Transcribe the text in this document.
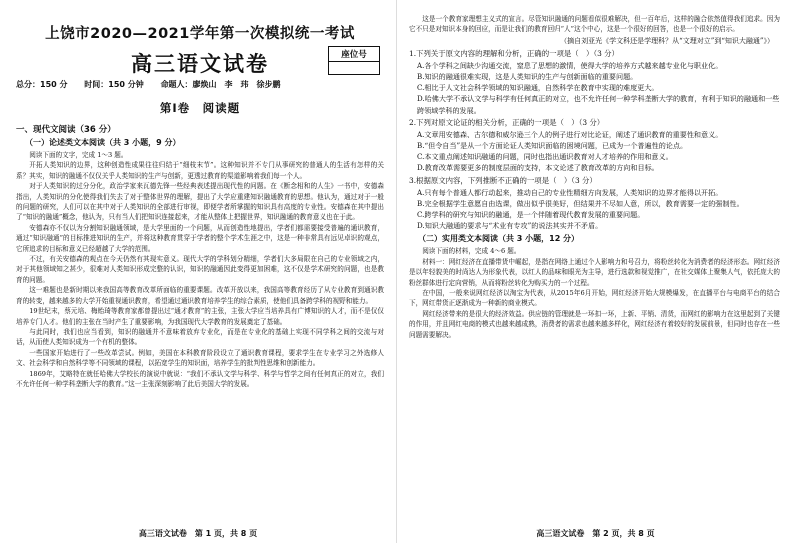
上饶市2020—2021学年第一次模拟统一考试
高三语文试卷	座位号
总分：150 分 时间：150 分钟 命题人：廖焕山　李　玮　徐步鹏
第Ⅰ卷　阅读题
一、现代文阅读（36 分）
（一）论述类文本阅读（共 3 小题，9 分）

阅读下面的文字，完成 1～3 题。

开拓人类知识的边界，这种创造性成果往往归结于“细枝末节”。这种知识并不专门从事研究的普通人的生活有怎样的关系？其实，知识的融通不仅仅关乎人类知识的生产与创新，更透过教育的渠道影响着我们每一个人。

对于人类知识的过分分化，政治学家来瓦德先锋一些经典表述提出现代性的问题。在《断念相和的人生》一书中，安德森指出，人类知识的分化使得我们失去了对于整体世界的理解，提出了大学应重建知识融通教育的思想。他认为，通过对于一般的问题的研究，人们可以在其中对于人类知识的全部进行审视，即便学者所掌握的知识具有高度的专业性。安德森在其中提出了“知识的融通”概念，他认为，只有当人们把知识连接起来，才能从整体上把握世界，知识融通的教育意义也在于此。

安德森亦不仅以为分割知识融通领域，是大学里面的一个问题，从而创造性地提出，学者们都需要接受普遍的通识教育，通过“知识融通”的目标推进知识的生产，并将这种教育贯穿于学者的整个学术生涯之中，这是一种非常具有远见卓识的观点，它所追求的目标和意义已经超越了大学的范围。

不过，有关安德森的观点在今天仍然有其现实意义。现代大学的学科划分精细，学者们大多局限在自己的专业领域之内，对于其他领域知之甚少，很难对人类知识形成完整的认识，知识的融通因此变得更加困难，这不仅是学术研究的问题，也是教育的问题。

这一难题也是新时期以来我国高等教育改革所面临的重要课题。改革开放以来，我国高等教育经历了从专业教育到通识教育的转变，越来越多的大学开始重视通识教育，希望通过通识教育培养学生的综合素质，使他们具备跨学科的视野和能力。

19世纪末，蔡元培、梅贻琦等教育家都曾提出过“通才教育”的主张，主张大学应当培养具有广博知识的人才，而不是仅仅培养专门人才。他们的主张在当时产生了重要影响，为我国现代大学教育的发展奠定了基础。

与此同时，我们也应当看到，知识的融通并不意味着放弃专业化，而是在专业化的基础上实现不同学科之间的交流与对话，从而使人类知识成为一个有机的整体。

一些国家开始进行了一些改革尝试。例如，美国在本科教育阶段设立了通识教育课程，要求学生在专业学习之外选修人文、社会科学和自然科学等不同领域的课程，以拓宽学生的知识面，培养学生的批判性思维和创新能力。

1869年，艾略特在就任哈佛大学校长的演说中就说：“我们不承认文学与科学、科学与哲学之间有任何真正的对立，我们不允许任何一种学科垄断大学的教育。”这一主张深刻影响了此后美国大学的发展。

高三语文试卷　第 1 页，共 8 页

这是一个教育家理想主义式的宣言。尽管知识融通的问题看似很难解决，但一百年后，这样的融合依然值得我们追求。因为它不只是对知识本身的回应，而是让我们的教育回归“人”这个中心，这是一个很好的回答，也是一个很好的启示。

（摘自刘亚光《学文科还是学理科？从“文理对立”到“知识大融通”》）

1.下列关于原文内容的理解和分析，正确的一项是（　）（3 分）

A.各个学科之间缺少沟通交流，窒息了思想的激情，使得大学的培养方式越来越专业化与职业化。

B.知识的融通很难实现，这是人类知识的生产与创新面临的重要问题。

C.相比于人文社会科学领域的知识融通，自然科学在教育中实现的难度更大。

D.哈佛大学不承认文学与科学有任何真正的对立，也不允许任何一种学科垄断大学的教育，有利于知识的融通和一些跨领域学科的发展。

2.下列对原文论证的相关分析，正确的一项是（　）（3 分）

A.文章用安德森、古尔德和威尔逊三个人的例子进行对比论证，阐述了通识教育的重要性和意义。

B.“但令自当”是从一个方面论证人类知识面临的困境问题，已成为一个普遍性的论点。

C.本文重点阐述知识融通的问题，同时也指出通识教育对人才培养的作用和意义。

D.教育改革需要更多的制度层面的支持，本文论述了教育改革的方向和目标。

3.根据原文内容，下列推断不正确的一项是（　）（3 分）

A.只有每个普通人都行动起来，推动自己的专业性精细方向发展，人类知识的边界才能得以开拓。

B.完全根据学生意愿自由选课，做出似乎很美好，但结果并不尽如人意，所以，教育需要一定的强制性。

C.跨学科的研究与知识的融通，是一个伴随着现代教育发展的重要问题。

D.知识大融通的要求与“术业有专攻”的说法其实并不矛盾。

（二）实用类文本阅读（共 3 小题，12 分）

阅读下面的材料，完成 4～6 题。

材料一：网红经济在直播带货中崛起，是指在网络上通过个人影响力和号召力，将粉丝转化为消费者的经济形态。网红经济是以年轻貌美的时尚达人为形象代表，以红人的品味和眼光为主导，进行选款和视觉推广，在社交媒体上聚集人气，依托庞大的粉丝群体进行定向营销，从而将粉丝转化为购买力的一个过程。

在中国，一般来说网红经济以淘宝为代表，从2015年6月开始，网红经济开始大规模爆发，在直播平台与电商平台的结合下，网红带货正逐渐成为一种新的商业模式。

网红经济带来的是很大的经济效益。供应链的管理就是一环扣一环，上新、平销、清货，而网红的影响力在这里起到了关键的作用，并且网红电商的模式也越来越成熟，消费者的需求也越来越多样化，网红经济有着较好的发展前景，但同时也存在一些问题需要解决。

高三语文试卷　第 2 页，共 8 页
